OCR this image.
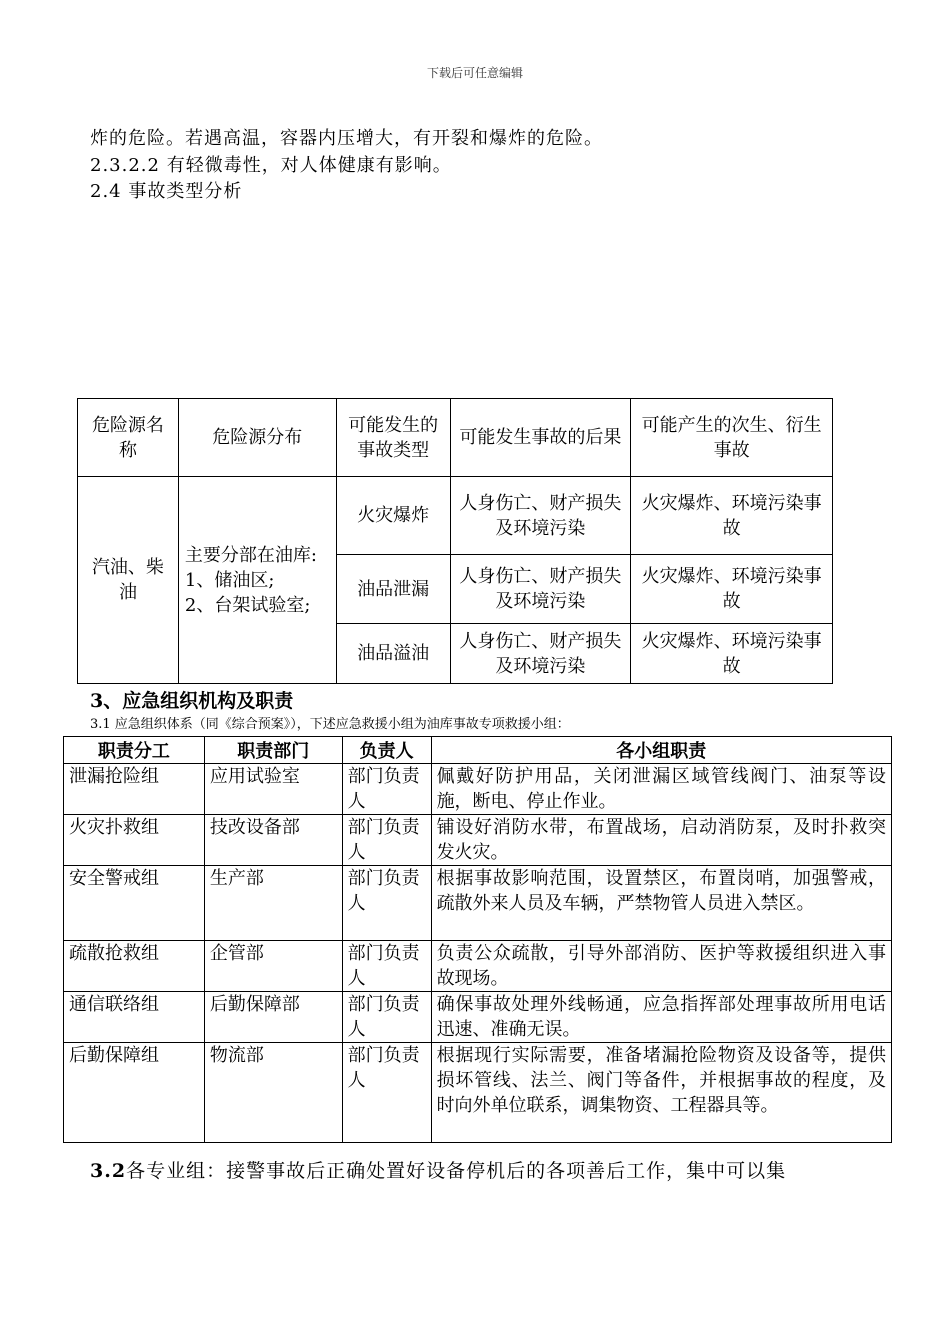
下载后可任意编辑
炸的危险。若遇高温，容器内压增大，有开裂和爆炸的危险。
2.3.2.2 有轻微毒性，对人体健康有影响。
2.4 事故类型分析
危险源名称	危险源分布	可能发生的事故类型	可能发生事故的后果	可能产生的次生、衍生事故
汽油、柴油	主要分部在油库:
1、储油区;
2、台架试验室;	火灾爆炸	人身伤亡、财产损失及环境污染	火灾爆炸、环境污染事故
		油品泄漏	人身伤亡、财产损失及环境污染	火灾爆炸、环境污染事故
		油品溢油	人身伤亡、财产损失及环境污染	火灾爆炸、环境污染事故
3、应急组织机构及职责
3.1 应急组织体系（同《综合预案》），下述应急救援小组为油库事故专项救援小组：
职责分工	职责部门	负责人	各小组职责
泄漏抢险组	应用试验室	部门负责人	佩戴好防护用品，关闭泄漏区域管线阀门、油泵等设施，断电、停止作业。
火灾扑救组	技改设备部	部门负责人	铺设好消防水带，布置战场，启动消防泵，及时扑救突发火灾。
安全警戒组	生产部	部门负责人	根据事故影响范围，设置禁区，布置岗哨，加强警戒，疏散外来人员及车辆，严禁物管人员进入禁区。
疏散抢救组	企管部	部门负责人	负责公众疏散，引导外部消防、医护等救援组织进入事故现场。
通信联络组	后勤保障部	部门负责人	确保事故处理外线畅通，应急指挥部处理事故所用电话迅速、准确无误。
后勤保障组	物流部	部门负责人	根据现行实际需要，准备堵漏抢险物资及设备等，提供损坏管线、法兰、阀门等备件，并根据事故的程度，及时向外单位联系，调集物资、工程器具等。
3.2各专业组：接警事故后正确处置好设备停机后的各项善后工作，集中可以集
